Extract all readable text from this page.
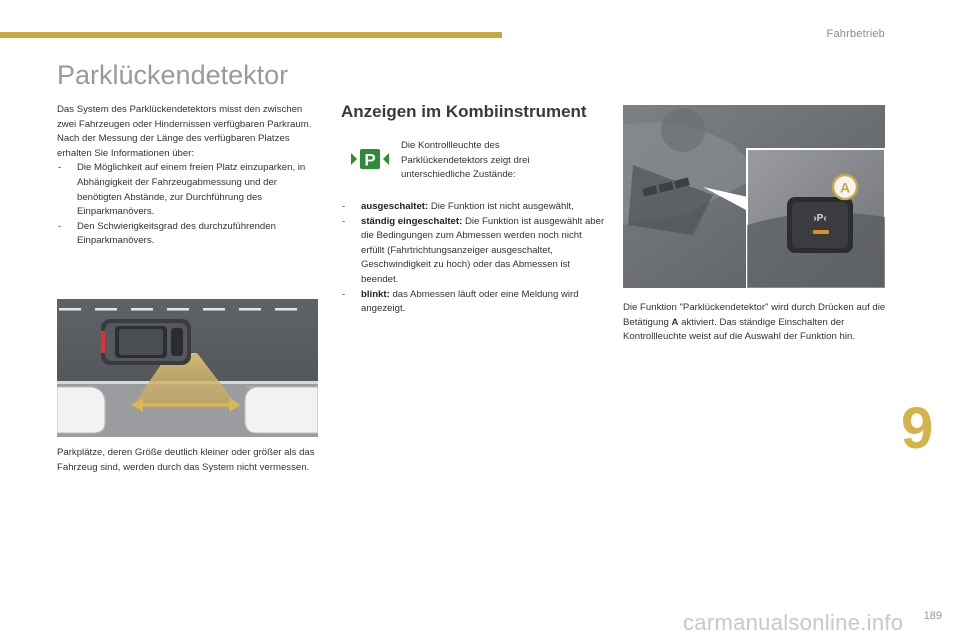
Fahrbetrieb
Parklückendetektor
Das System des Parklückendetektors misst den zwischen zwei Fahrzeugen oder Hindernissen verfügbaren Parkraum. Nach der Messung der Länge des verfügbaren Platzes erhalten Sie Informationen über:
- Die Möglichkeit auf einem freien Platz einzuparken, in Abhängigkeit der Fahrzeugabmessung und der benötigten Abstände, zur Durchführung des Einparkmanövers.
- Den Schwierigkeitsgrad des durchzuführenden Einparkmanövers.
Parkplätze, deren Größe deutlich kleiner oder größer als das Fahrzeug sind, werden durch das System nicht vermessen.
Anzeigen im Kombiinstrument
P
Die Kontrollleuchte des Parklückendetektors zeigt drei unterschiedliche Zustände:
- ausgeschaltet: Die Funktion ist nicht ausgewählt,
- ständig eingeschaltet: Die Funktion ist ausgewählt aber die Bedingungen zum Abmessen werden noch nicht erfüllt (Fahrtrichtungsanzeiger ausgeschaltet, Geschwindigkeit zu hoch) oder das Abmessen ist beendet.
- blinkt: das Abmessen läuft oder eine Meldung wird angezeigt.
›P‹
A
Die Funktion "Parklückendetektor" wird durch Drücken auf die Betätigung A aktiviert. Das ständige Einschalten der Kontrollleuchte weist auf die Auswahl der Funktion hin.
9
carmanualsonline.info 189
